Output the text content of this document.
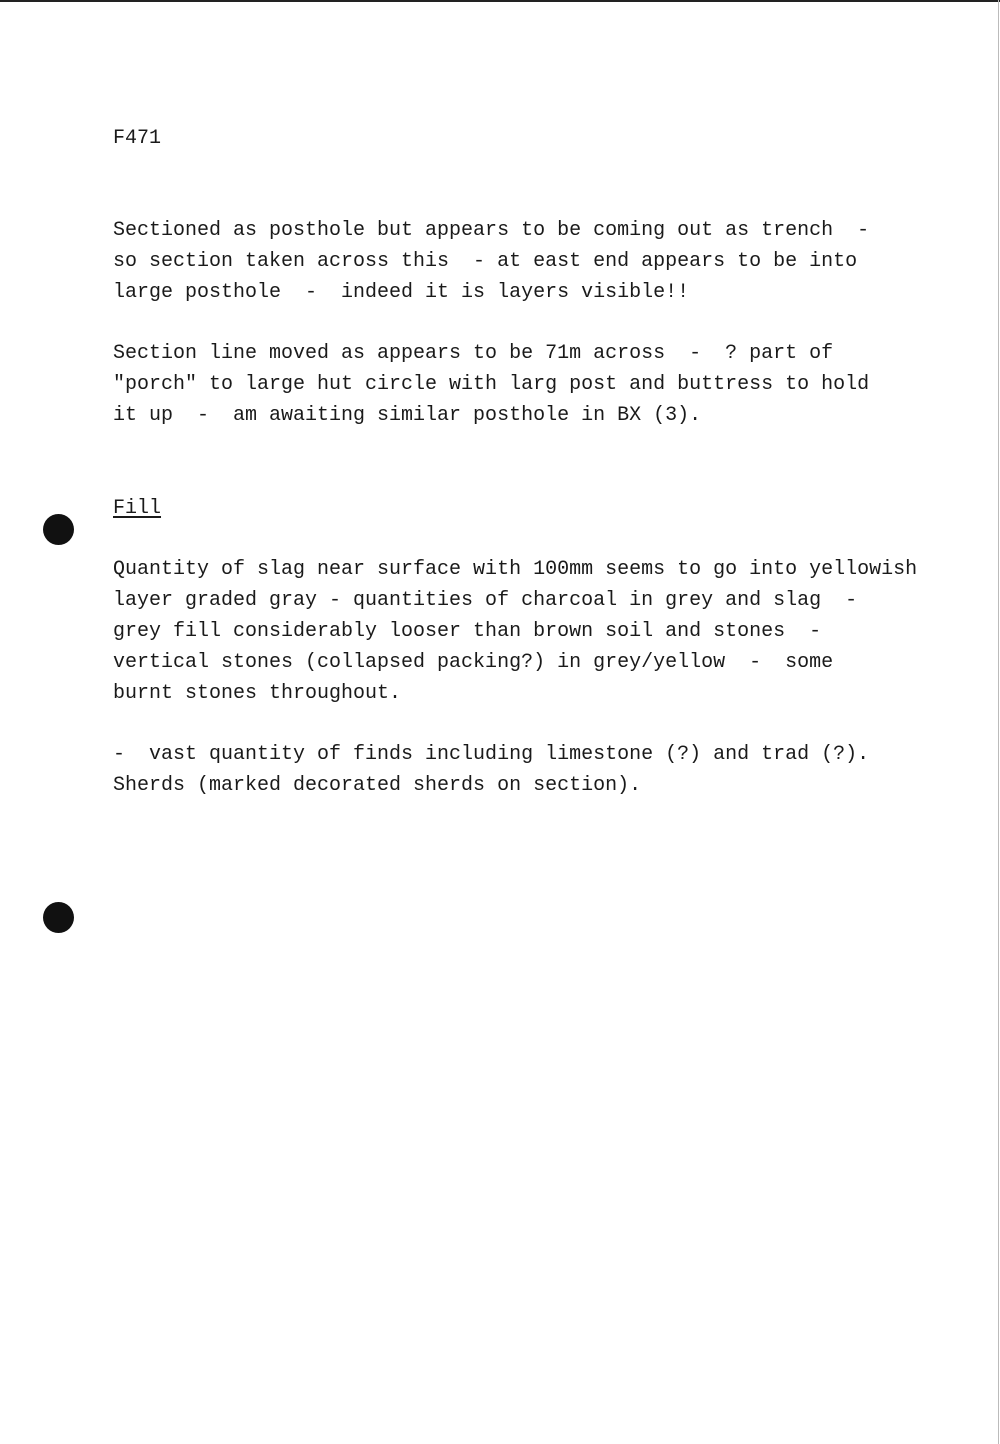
F471
Sectioned as posthole but appears to be coming out as trench  -
so section taken across this  - at east end appears to be into
large posthole  -  indeed it is layers visible!!
Section line moved as appears to be 71m across  -  ? part of
"porch" to large hut circle with larg post and buttress to hold
it up  -  am awaiting similar posthole in BX (3).
Fill
Quantity of slag near surface with 100mm seems to go into yellowish
layer graded gray - quantities of charcoal in grey and slag  -
grey fill considerably looser than brown soil and stones  -
vertical stones (collapsed packing?) in grey/yellow  -  some
burnt stones throughout.
-  vast quantity of finds including limestone (?) and trad (?).
Sherds (marked decorated sherds on section).
